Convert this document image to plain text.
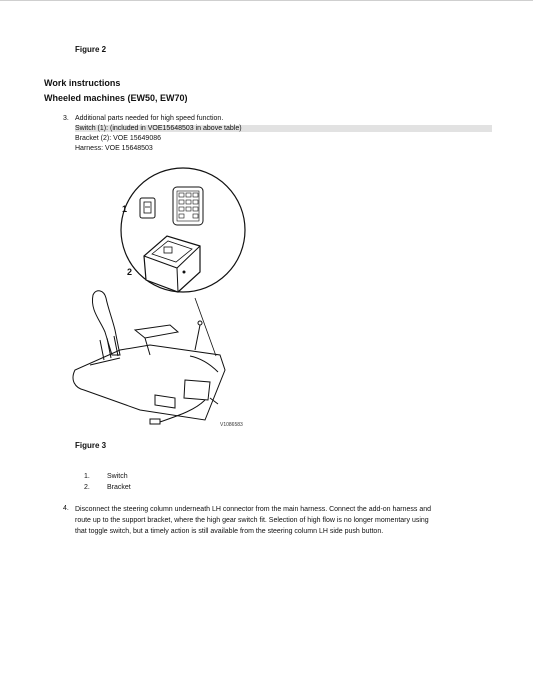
Figure 2
Work instructions
Wheeled machines (EW50, EW70)
3. Additional parts needed for high speed function.
Switch (1): (included in VOE15648503 in above table)
Bracket (2): VOE 15649086
Harness: VOE 15648503
1
2
V1086583
Figure 3
1. Switch
2. Bracket
4. Disconnect the steering column underneath LH connector from the main harness. Connect the add-on harness and
route up to the support bracket, where the high gear switch fit. Selection of high flow is no longer momentary using
that toggle switch, but a timely action is still available from the steering column LH side push button.
